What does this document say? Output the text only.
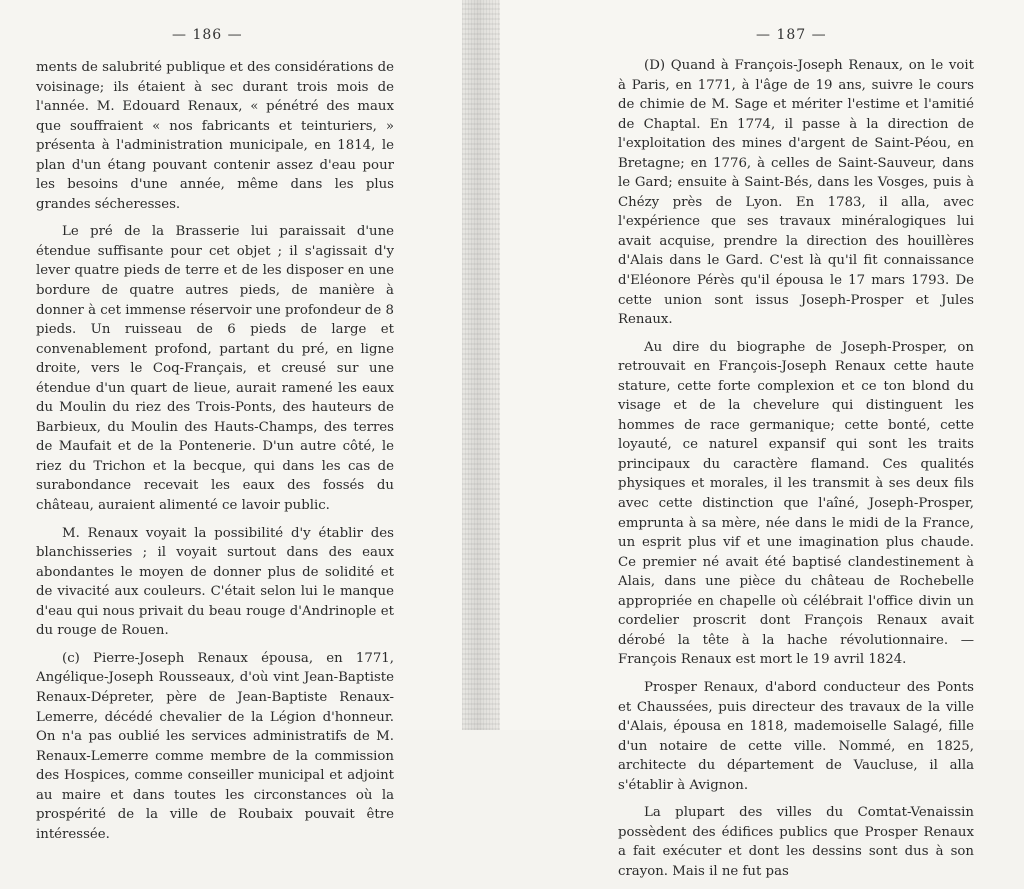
— 186 —

ments de salubrité publique et des considérations de voisinage; ils étaient à sec durant trois mois de l'année. M. Edouard Renaux, « pénétré des maux que souffraient « nos fabricants et teinturiers, » présenta à l'administration municipale, en 1814, le plan d'un étang pouvant contenir assez d'eau pour les besoins d'une année, même dans les plus grandes sécheresses.

Le pré de la Brasserie lui paraissait d'une étendue suffisante pour cet objet ; il s'agissait d'y lever quatre pieds de terre et de les disposer en une bordure de quatre autres pieds, de manière à donner à cet immense réservoir une profondeur de 8 pieds. Un ruisseau de 6 pieds de large et convenablement profond, partant du pré, en ligne droite, vers le Coq-Français, et creusé sur une étendue d'un quart de lieue, aurait ramené les eaux du Moulin du riez des Trois-Ponts, des hauteurs de Barbieux, du Moulin des Hauts-Champs, des terres de Maufait et de la Pontenerie. D'un autre côté, le riez du Trichon et la becque, qui dans les cas de surabondance recevait les eaux des fossés du château, auraient alimenté ce lavoir public.

M. Renaux voyait la possibilité d'y établir des blanchisseries ; il voyait surtout dans des eaux abondantes le moyen de donner plus de solidité et de vivacité aux couleurs. C'était selon lui le manque d'eau qui nous privait du beau rouge d'Andrinople et du rouge de Rouen.

(c) Pierre-Joseph Renaux épousa, en 1771, Angélique-Joseph Rousseaux, d'où vint Jean-Baptiste Renaux-Dépreter, père de Jean-Baptiste Renaux-Lemerre, décédé chevalier de la Légion d'honneur. On n'a pas oublié les services administratifs de M. Renaux-Lemerre comme membre de la commission des Hospices, comme conseiller municipal et adjoint au maire et dans toutes les circonstances où la prospérité de la ville de Roubaix pouvait être intéressée.

— 187 —

(D) Quand à François-Joseph Renaux, on le voit à Paris, en 1771, à l'âge de 19 ans, suivre le cours de chimie de M. Sage et mériter l'estime et l'amitié de Chaptal. En 1774, il passe à la direction de l'exploitation des mines d'argent de Saint-Péou, en Bretagne; en 1776, à celles de Saint-Sauveur, dans le Gard; ensuite à Saint-Bés, dans les Vosges, puis à Chézy près de Lyon. En 1783, il alla, avec l'expérience que ses travaux minéralogiques lui avait acquise, prendre la direction des houillères d'Alais dans le Gard. C'est là qu'il fit connaissance d'Eléonore Pérès qu'il épousa le 17 mars 1793. De cette union sont issus Joseph-Prosper et Jules Renaux.

Au dire du biographe de Joseph-Prosper, on retrouvait en François-Joseph Renaux cette haute stature, cette forte complexion et ce ton blond du visage et de la chevelure qui distinguent les hommes de race germanique; cette bonté, cette loyauté, ce naturel expansif qui sont les traits principaux du caractère flamand. Ces qualités physiques et morales, il les transmit à ses deux fils avec cette distinction que l'aîné, Joseph-Prosper, emprunta à sa mère, née dans le midi de la France, un esprit plus vif et une imagination plus chaude. Ce premier né avait été baptisé clandestinement à Alais, dans une pièce du château de Rochebelle appropriée en chapelle où célébrait l'office divin un cordelier proscrit dont François Renaux avait dérobé la tête à la hache révolutionnaire. — François Renaux est mort le 19 avril 1824.

Prosper Renaux, d'abord conducteur des Ponts et Chaussées, puis directeur des travaux de la ville d'Alais, épousa en 1818, mademoiselle Salagé, fille d'un notaire de cette ville. Nommé, en 1825, architecte du département de Vaucluse, il alla s'établir à Avignon.

La plupart des villes du Comtat-Venaissin possèdent des édifices publics que Prosper Renaux a fait exécuter et dont les dessins sont dus à son crayon. Mais il ne fut pas
